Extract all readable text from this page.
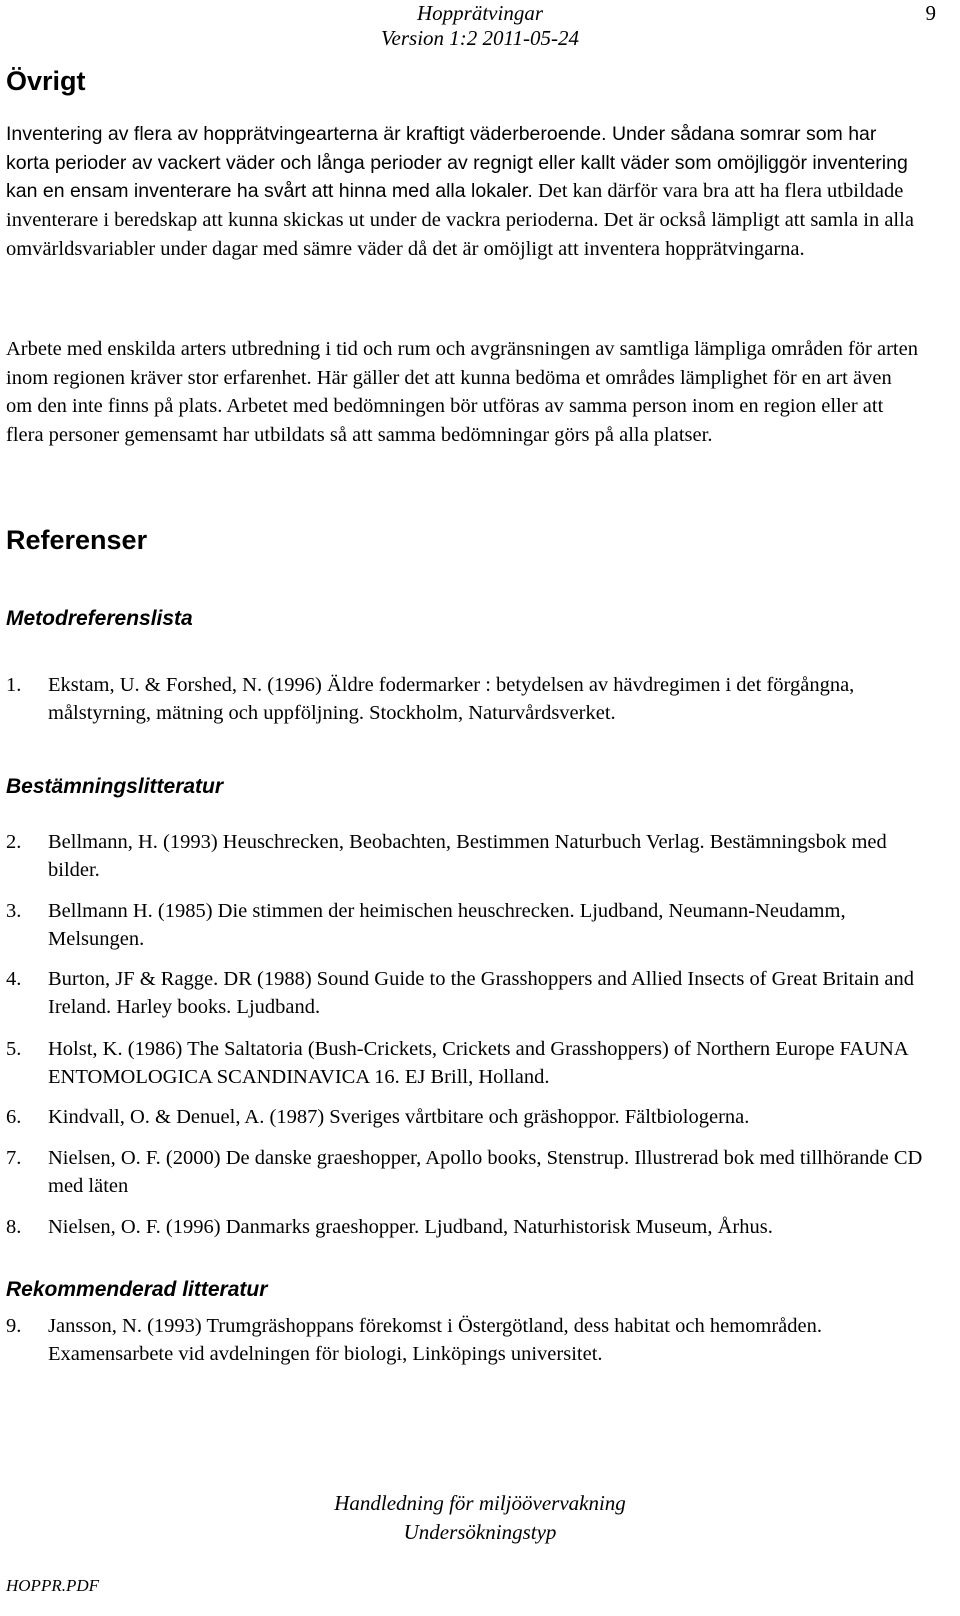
Hopprätvingar
Version 1:2 2011-05-24
9
Övrigt
Inventering av flera av hopprätvingearterna är kraftigt väderberoende. Under sådana somrar som har korta perioder av vackert väder och långa perioder av regnigt eller kallt väder som omöjliggör inventering kan en ensam inventerare ha svårt att hinna med alla lokaler. Det kan därför vara bra att ha flera utbildade inventerare i beredskap att kunna skickas ut under de vackra perioderna. Det är också lämpligt att samla in alla omvärldsvariabler under dagar med sämre väder då det är omöjligt att inventera hopprätvingarna.
Arbete med enskilda arters utbredning i tid och rum och avgränsningen av samtliga lämpliga områden för arten inom regionen kräver stor erfarenhet. Här gäller det att kunna bedöma et områdes lämplighet för en art även om den inte finns på plats. Arbetet med bedömningen bör utföras av samma person inom en region eller att flera personer gemensamt har utbildats så att samma bedömningar görs på alla platser.
Referenser
Metodreferenslista
1.	Ekstam, U. & Forshed, N. (1996) Äldre fodermarker : betydelsen av hävdregimen i det förgångna, målstyrning, mätning och uppföljning. Stockholm, Naturvårdsverket.
Bestämningslitteratur
2.	Bellmann, H. (1993) Heuschrecken, Beobachten, Bestimmen Naturbuch Verlag. Bestämningsbok med bilder.
3.	Bellmann H. (1985) Die stimmen der heimischen heuschrecken. Ljudband, Neumann-Neudamm, Melsungen.
4.	Burton, JF & Ragge. DR (1988) Sound Guide to the Grasshoppers and Allied Insects of Great Britain and Ireland. Harley books. Ljudband.
5.	Holst, K. (1986) The Saltatoria (Bush-Crickets, Crickets and Grasshoppers) of Northern Europe FAUNA ENTOMOLOGICA SCANDINAVICA 16. EJ Brill, Holland.
6.	Kindvall, O. & Denuel, A. (1987) Sveriges vårtbitare och gräshoppor. Fältbiologerna.
7.	Nielsen, O. F. (2000) De danske graeshopper, Apollo books, Stenstrup. Illustrerad bok med tillhörande CD med läten
8.	Nielsen, O. F. (1996) Danmarks graeshopper. Ljudband, Naturhistorisk Museum, Århus.
Rekommenderad litteratur
9.	Jansson, N. (1993) Trumgräshoppans förekomst i Östergötland, dess habitat och hemområden. Examensarbete vid avdelningen för biologi, Linköpings universitet.
Handledning för miljöövervakning
Undersökningstyp
HOPPR.PDF
